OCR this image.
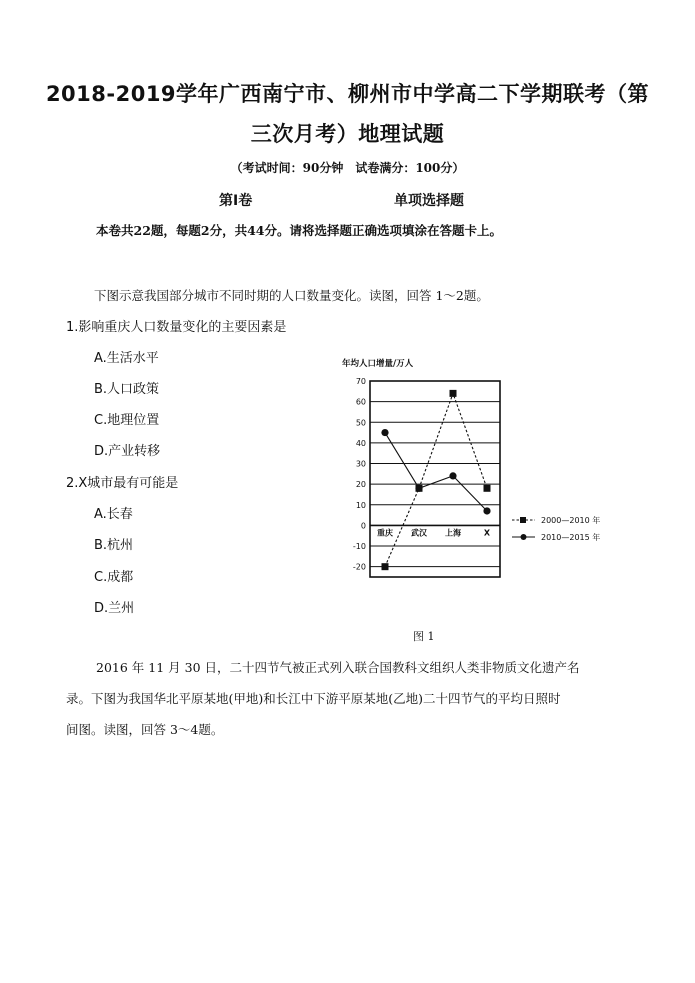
2018-2019学年广西南宁市、柳州市中学高二下学期联考（第
三次月考）地理试题
（考试时间：90分钟　试卷满分：100分）
第Ⅰ卷	单项选择题
本卷共22题，每题2分，共44分。请将选择题正确选项填涂在答题卡上。
下图示意我国部分城市不同时期的人口数量变化。读图，回答 1～2题。
1.影响重庆人口数量变化的主要因素是
A.生活水平
B.人口政策
C.地理位置
D.产业转移
2.X城市最有可能是
A.长春
B.杭州
C.成都
D.兰州
年均人口增量/万人
-20
-10
0
10
20
30
40
50
60
70
重庆 武汉 上海	X
2000—2010 年
2010—2015 年
图 1
2016 年 11 月 30 日，二十四节气被正式列入联合国教科文组织人类非物质文化遗产名
录。下图为我国华北平原某地(甲地)和长江中下游平原某地(乙地)二十四节气的平均日照时
间图。读图，回答 3～4题。
